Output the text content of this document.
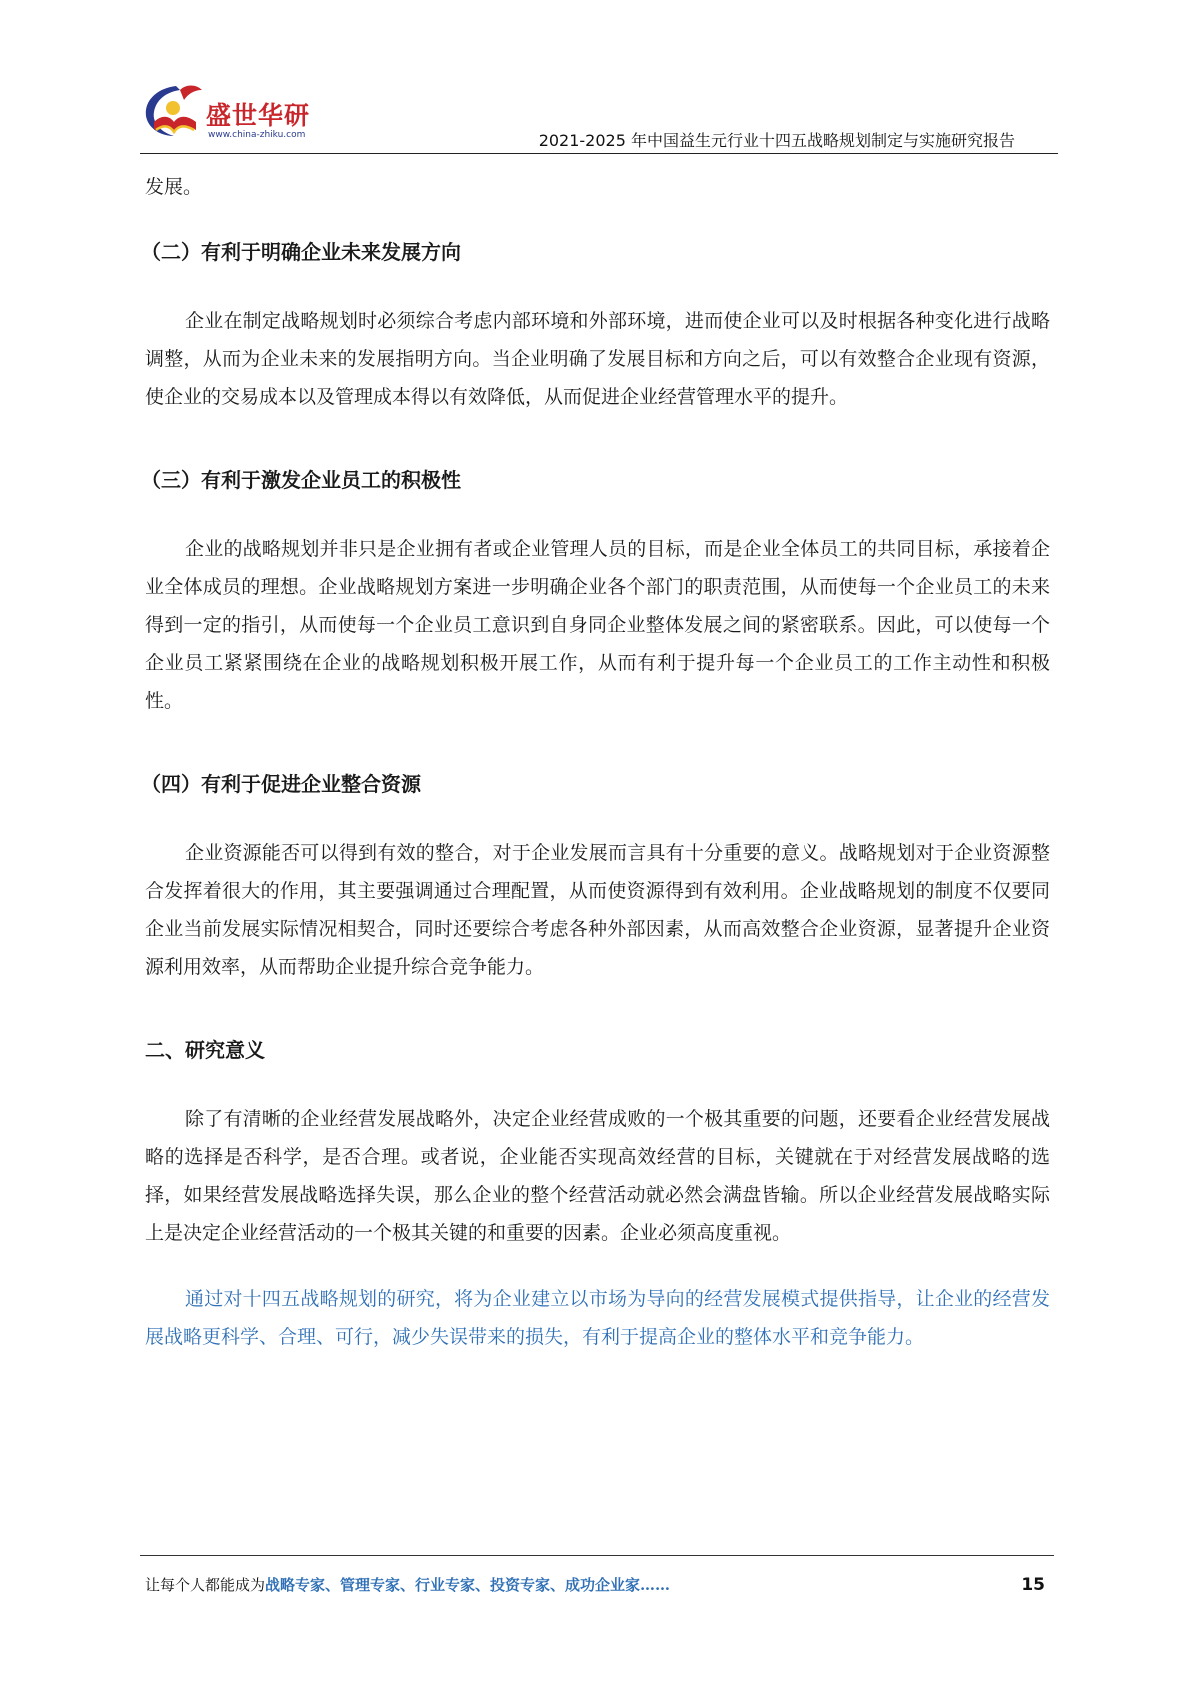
盛世华研
www.china-zhiku.com	2021-2025 年中国益生元行业十四五战略规划制定与实施研究报告

发展。

（二）有利于明确企业未来发展方向

企业在制定战略规划时必须综合考虑内部环境和外部环境，进而使企业可以及时根据各种变化进行战略调整，从而为企业未来的发展指明方向。当企业明确了发展目标和方向之后，可以有效整合企业现有资源，使企业的交易成本以及管理成本得以有效降低，从而促进企业经营管理水平的提升。

（三）有利于激发企业员工的积极性

企业的战略规划并非只是企业拥有者或企业管理人员的目标，而是企业全体员工的共同目标，承接着企业全体成员的理想。企业战略规划方案进一步明确企业各个部门的职责范围，从而使每一个企业员工的未来得到一定的指引，从而使每一个企业员工意识到自身同企业整体发展之间的紧密联系。因此，可以使每一个企业员工紧紧围绕在企业的战略规划积极开展工作，从而有利于提升每一个企业员工的工作主动性和积极性。

（四）有利于促进企业整合资源

企业资源能否可以得到有效的整合，对于企业发展而言具有十分重要的意义。战略规划对于企业资源整合发挥着很大的作用，其主要强调通过合理配置，从而使资源得到有效利用。企业战略规划的制度不仅要同企业当前发展实际情况相契合，同时还要综合考虑各种外部因素，从而高效整合企业资源，显著提升企业资源利用效率，从而帮助企业提升综合竞争能力。

二、研究意义

除了有清晰的企业经营发展战略外，决定企业经营成败的一个极其重要的问题，还要看企业经营发展战略的选择是否科学，是否合理。或者说，企业能否实现高效经营的目标，关键就在于对经营发展战略的选择，如果经营发展战略选择失误，那么企业的整个经营活动就必然会满盘皆输。所以企业经营发展战略实际上是决定企业经营活动的一个极其关键的和重要的因素。企业必须高度重视。

通过对十四五战略规划的研究，将为企业建立以市场为导向的经营发展模式提供指导，让企业的经营发展战略更科学、合理、可行，减少失误带来的损失，有利于提高企业的整体水平和竞争能力。

让每个人都能成为战略专家、管理专家、行业专家、投资专家、成功企业家……	15
